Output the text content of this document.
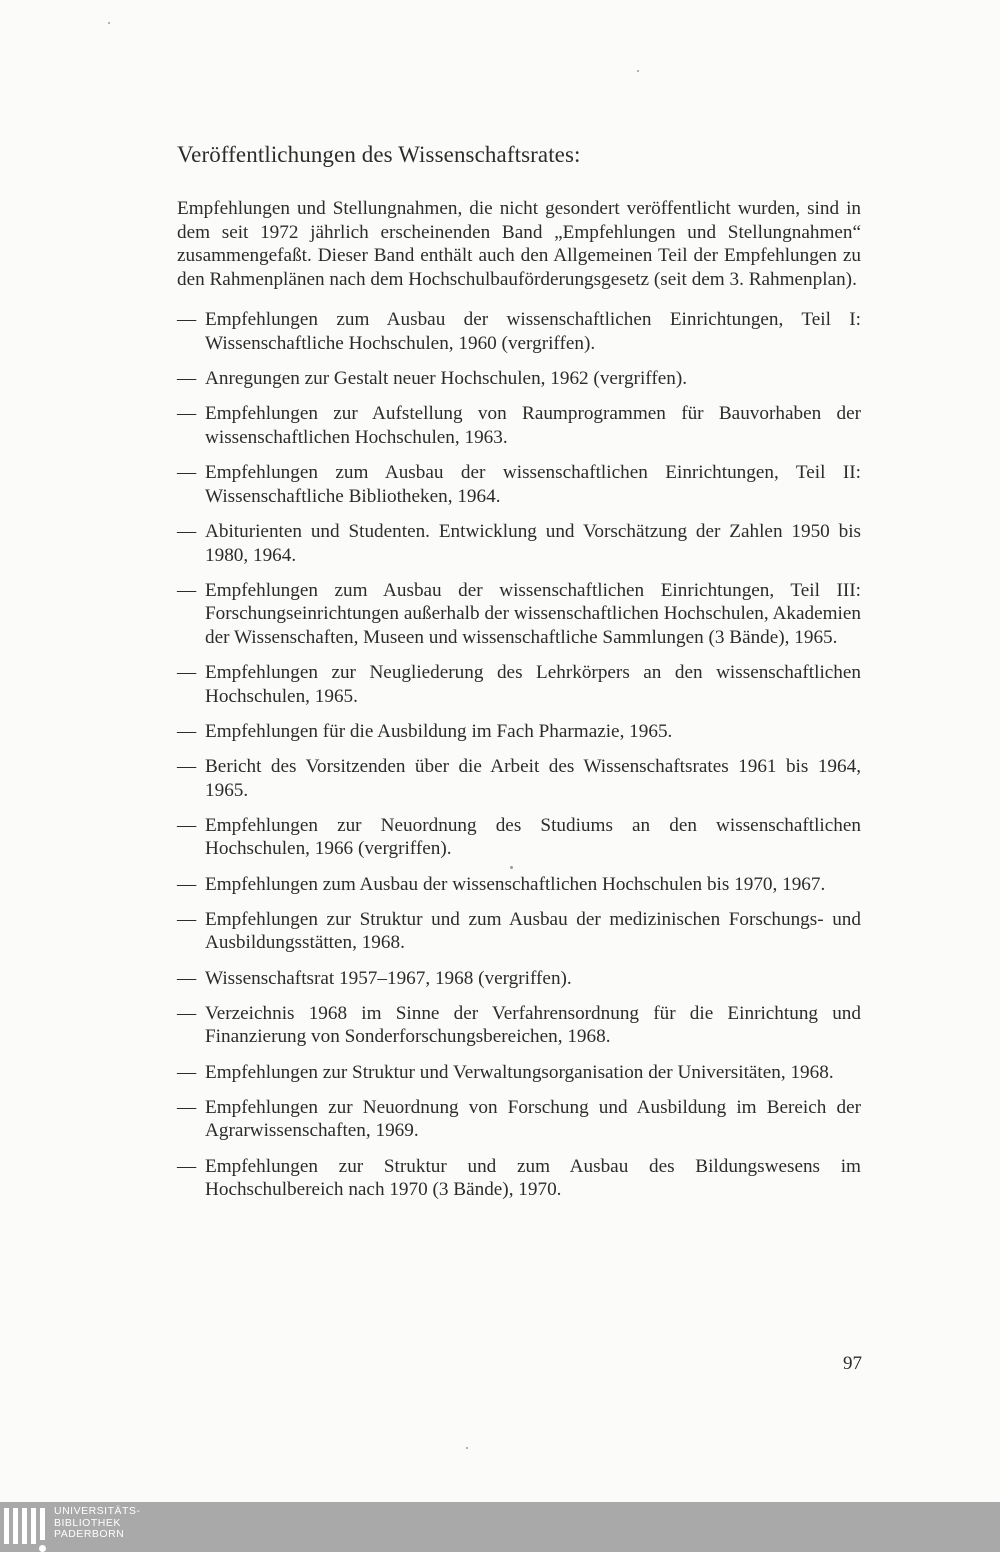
Veröffentlichungen des Wissenschaftsrates:

Empfehlungen und Stellungnahmen, die nicht gesondert veröffentlicht wurden, sind in dem seit 1972 jährlich erscheinenden Band „Empfehlungen und Stellungnahmen“ zusammengefaßt. Dieser Band enthält auch den Allgemeinen Teil der Empfehlungen zu den Rahmenplänen nach dem Hochschulbauförderungsgesetz (seit dem 3. Rahmenplan).

— Empfehlungen zum Ausbau der wissenschaftlichen Einrichtungen, Teil I: Wissenschaftliche Hochschulen, 1960 (vergriffen).
— Anregungen zur Gestalt neuer Hochschulen, 1962 (vergriffen).
— Empfehlungen zur Aufstellung von Raumprogrammen für Bauvorhaben der wissenschaftlichen Hochschulen, 1963.
— Empfehlungen zum Ausbau der wissenschaftlichen Einrichtungen, Teil II: Wissenschaftliche Bibliotheken, 1964.
— Abiturienten und Studenten. Entwicklung und Vorschätzung der Zahlen 1950 bis 1980, 1964.
— Empfehlungen zum Ausbau der wissenschaftlichen Einrichtungen, Teil III: Forschungseinrichtungen außerhalb der wissenschaftlichen Hochschulen, Akademien der Wissenschaften, Museen und wissenschaftliche Sammlungen (3 Bände), 1965.
— Empfehlungen zur Neugliederung des Lehrkörpers an den wissenschaftlichen Hochschulen, 1965.
— Empfehlungen für die Ausbildung im Fach Pharmazie, 1965.
— Bericht des Vorsitzenden über die Arbeit des Wissenschaftsrates 1961 bis 1964, 1965.
— Empfehlungen zur Neuordnung des Studiums an den wissenschaftlichen Hochschulen, 1966 (vergriffen).
— Empfehlungen zum Ausbau der wissenschaftlichen Hochschulen bis 1970, 1967.
— Empfehlungen zur Struktur und zum Ausbau der medizinischen Forschungs- und Ausbildungsstätten, 1968.
— Wissenschaftsrat 1957–1967, 1968 (vergriffen).
— Verzeichnis 1968 im Sinne der Verfahrensordnung für die Einrichtung und Finanzierung von Sonderforschungsbereichen, 1968.
— Empfehlungen zur Struktur und Verwaltungsorganisation der Universitäten, 1968.
— Empfehlungen zur Neuordnung von Forschung und Ausbildung im Bereich der Agrarwissenschaften, 1969.
— Empfehlungen zur Struktur und zum Ausbau des Bildungswesens im Hochschulbereich nach 1970 (3 Bände), 1970.
97
UNIVERSITÄTS-
BIBLIOTHEK
PADERBORN
